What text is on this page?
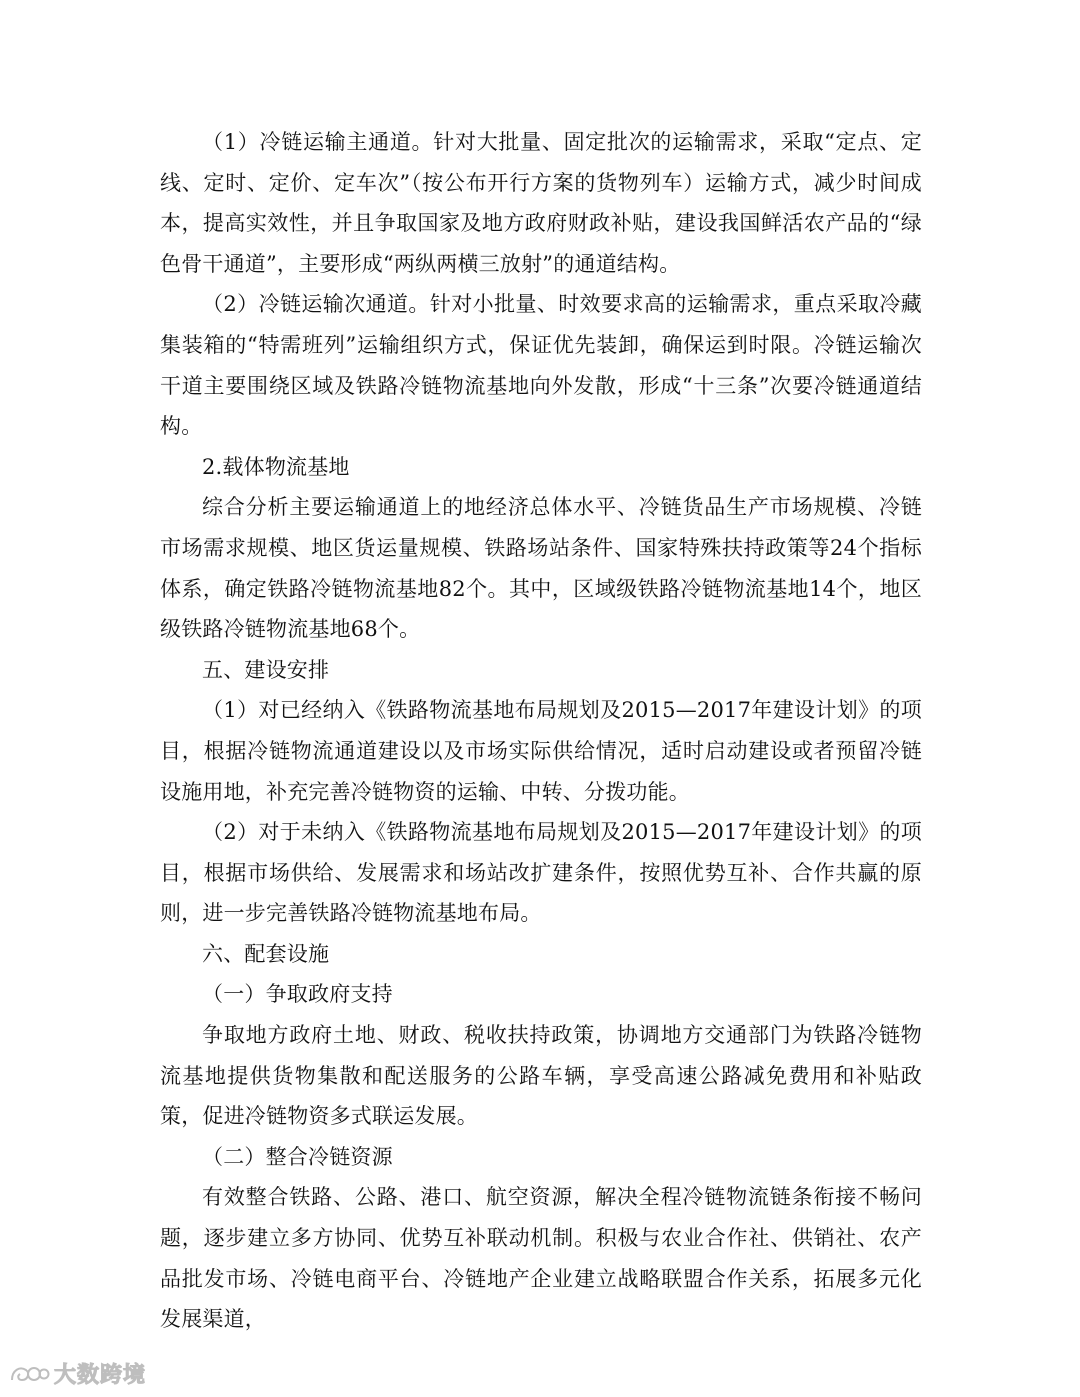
（1）冷链运输主通道。针对大批量、固定批次的运输需求，采取“定点、定线、定时、定价、定车次”（按公布开行方案的货物列车）运输方式，减少时间成本，提高实效性，并且争取国家及地方政府财政补贴，建设我国鲜活农产品的“绿色骨干通道”，主要形成“两纵两横三放射”的通道结构。

（2）冷链运输次通道。针对小批量、时效要求高的运输需求，重点采取冷藏集装箱的“特需班列”运输组织方式，保证优先装卸，确保运到时限。冷链运输次干道主要围绕区域及铁路冷链物流基地向外发散，形成“十三条”次要冷链通道结构。

2.载体物流基地

综合分析主要运输通道上的地经济总体水平、冷链货品生产市场规模、冷链市场需求规模、地区货运量规模、铁路场站条件、国家特殊扶持政策等24个指标体系，确定铁路冷链物流基地82个。其中，区域级铁路冷链物流基地14个，地区级铁路冷链物流基地68个。

五、建设安排

（1）对已经纳入《铁路物流基地布局规划及2015—2017年建设计划》的项目，根据冷链物流通道建设以及市场实际供给情况，适时启动建设或者预留冷链设施用地，补充完善冷链物资的运输、中转、分拨功能。

（2）对于未纳入《铁路物流基地布局规划及2015—2017年建设计划》的项目，根据市场供给、发展需求和场站改扩建条件，按照优势互补、合作共赢的原则，进一步完善铁路冷链物流基地布局。

六、配套设施

（一）争取政府支持

争取地方政府土地、财政、税收扶持政策，协调地方交通部门为铁路冷链物流基地提供货物集散和配送服务的公路车辆，享受高速公路减免费用和补贴政策，促进冷链物资多式联运发展。

（二）整合冷链资源

有效整合铁路、公路、港口、航空资源，解决全程冷链物流链条衔接不畅问题，逐步建立多方协同、优势互补联动机制。积极与农业合作社、供销社、农产品批发市场、冷链电商平台、冷链地产企业建立战略联盟合作关系，拓展多元化发展渠道，

大数跨境
